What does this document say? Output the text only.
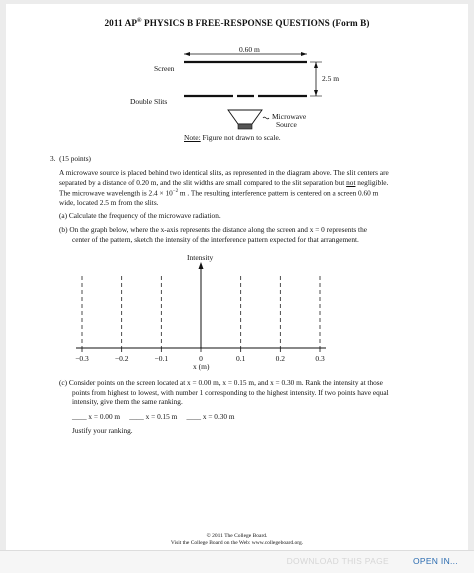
2011 AP® PHYSICS B FREE-RESPONSE QUESTIONS (Form B)
0.60 m
Screen
2.5 m
Double Slits
Microwave
Source
Note: Figure not drawn to scale.
3. (15 points)
A microwave source is placed behind two identical slits, as represented in the diagram above. The slit centers are
separated by a distance of 0.20 m, and the slit widths are small compared to the slit separation but not negligible.
The microwave wavelength is $2.4 \times 10^{-2}$ m . The resulting interference pattern is centered on a screen 0.60 m
wide, located 2.5 m from the slits.
(a) Calculate the frequency of the microwave radiation.
(b) On the graph below, where the x-axis represents the distance along the screen and x = 0 represents the
center of the pattern, sketch the intensity of the interference pattern expected for that arrangement.
−0.3	−0.2	−0.1	0	0.1	0.2	0.3
Intensity
x (m)
(c) Consider points on the screen located at x = 0.00 m, x = 0.15 m, and x = 0.30 m. Rank the intensity at those
points from highest to lowest, with number 1 corresponding to the highest intensity. If two points have equal
intensity, give them the same ranking.
____ x = 0.00 m ____ x = 0.15 m ____ x = 0.30 m
Justify your ranking.
© 2011 The College Board.
Visit the College Board on the Web: www.collegeboard.org.
DOWNLOAD THIS PAGE	OPEN IN...
